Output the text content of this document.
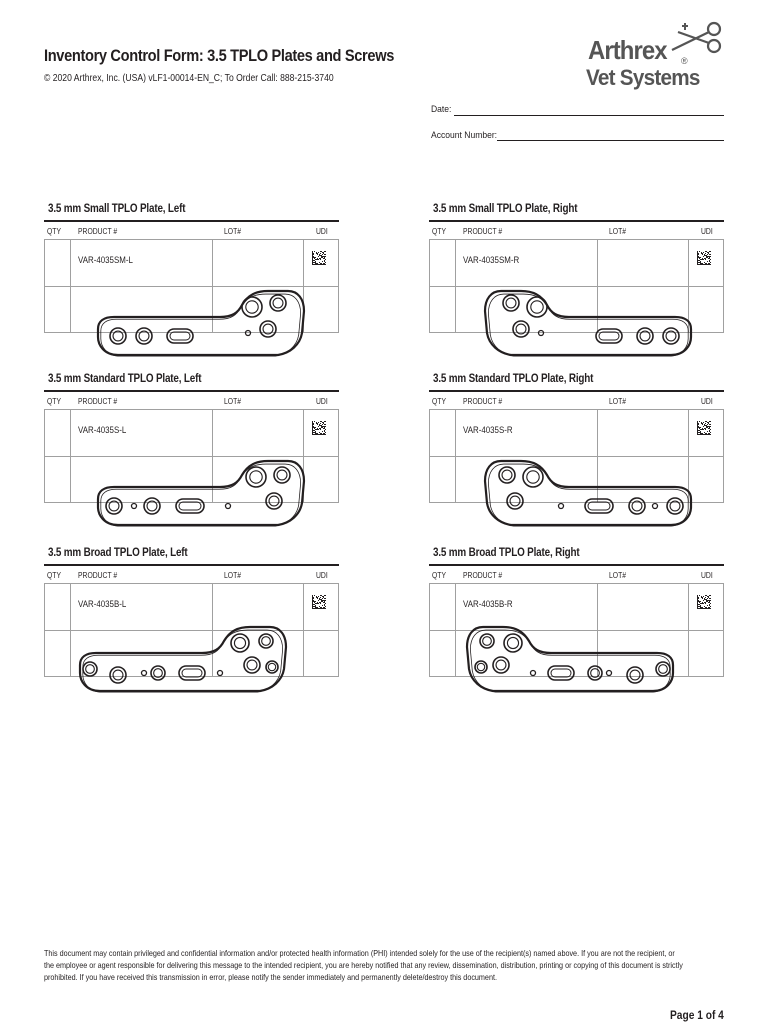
Inventory Control Form: 3.5 TPLO Plates and Screws
© 2020 Arthrex, Inc. (USA) vLF1-00014-EN_C; To Order Call: 888-215-3740
Arthrex ®
Vet Systems
Date:
Account Number:
3.5 mm Small TPLO Plate, Left
QTY PRODUCT #	LOT#	UDI
VAR-4035SM-L
3.5 mm Small TPLO Plate, Right
QTY PRODUCT #	LOT#	UDI
VAR-4035SM-R
3.5 mm Standard TPLO Plate, Left
QTY PRODUCT #	LOT#	UDI
VAR-4035S-L
3.5 mm Standard TPLO Plate, Right
QTY PRODUCT #	LOT#	UDI
VAR-4035S-R
3.5 mm Broad TPLO Plate, Left
QTY PRODUCT #	LOT#	UDI
VAR-4035B-L
3.5 mm Broad TPLO Plate, Right
QTY PRODUCT #	LOT#	UDI
VAR-4035B-R
This document may contain privileged and confidential information and/or protected health information (PHI) intended solely for the use of the recipient(s) named above. If you are not the recipient, or the employee or agent responsible for delivering this message to the intended recipient, you are hereby notified that any review, dissemination, distribution, printing or copying of this document is strictly prohibited. If you have received this transmission in error, please notify the sender immediately and permanently delete/destroy this document.
Page 1 of 4
